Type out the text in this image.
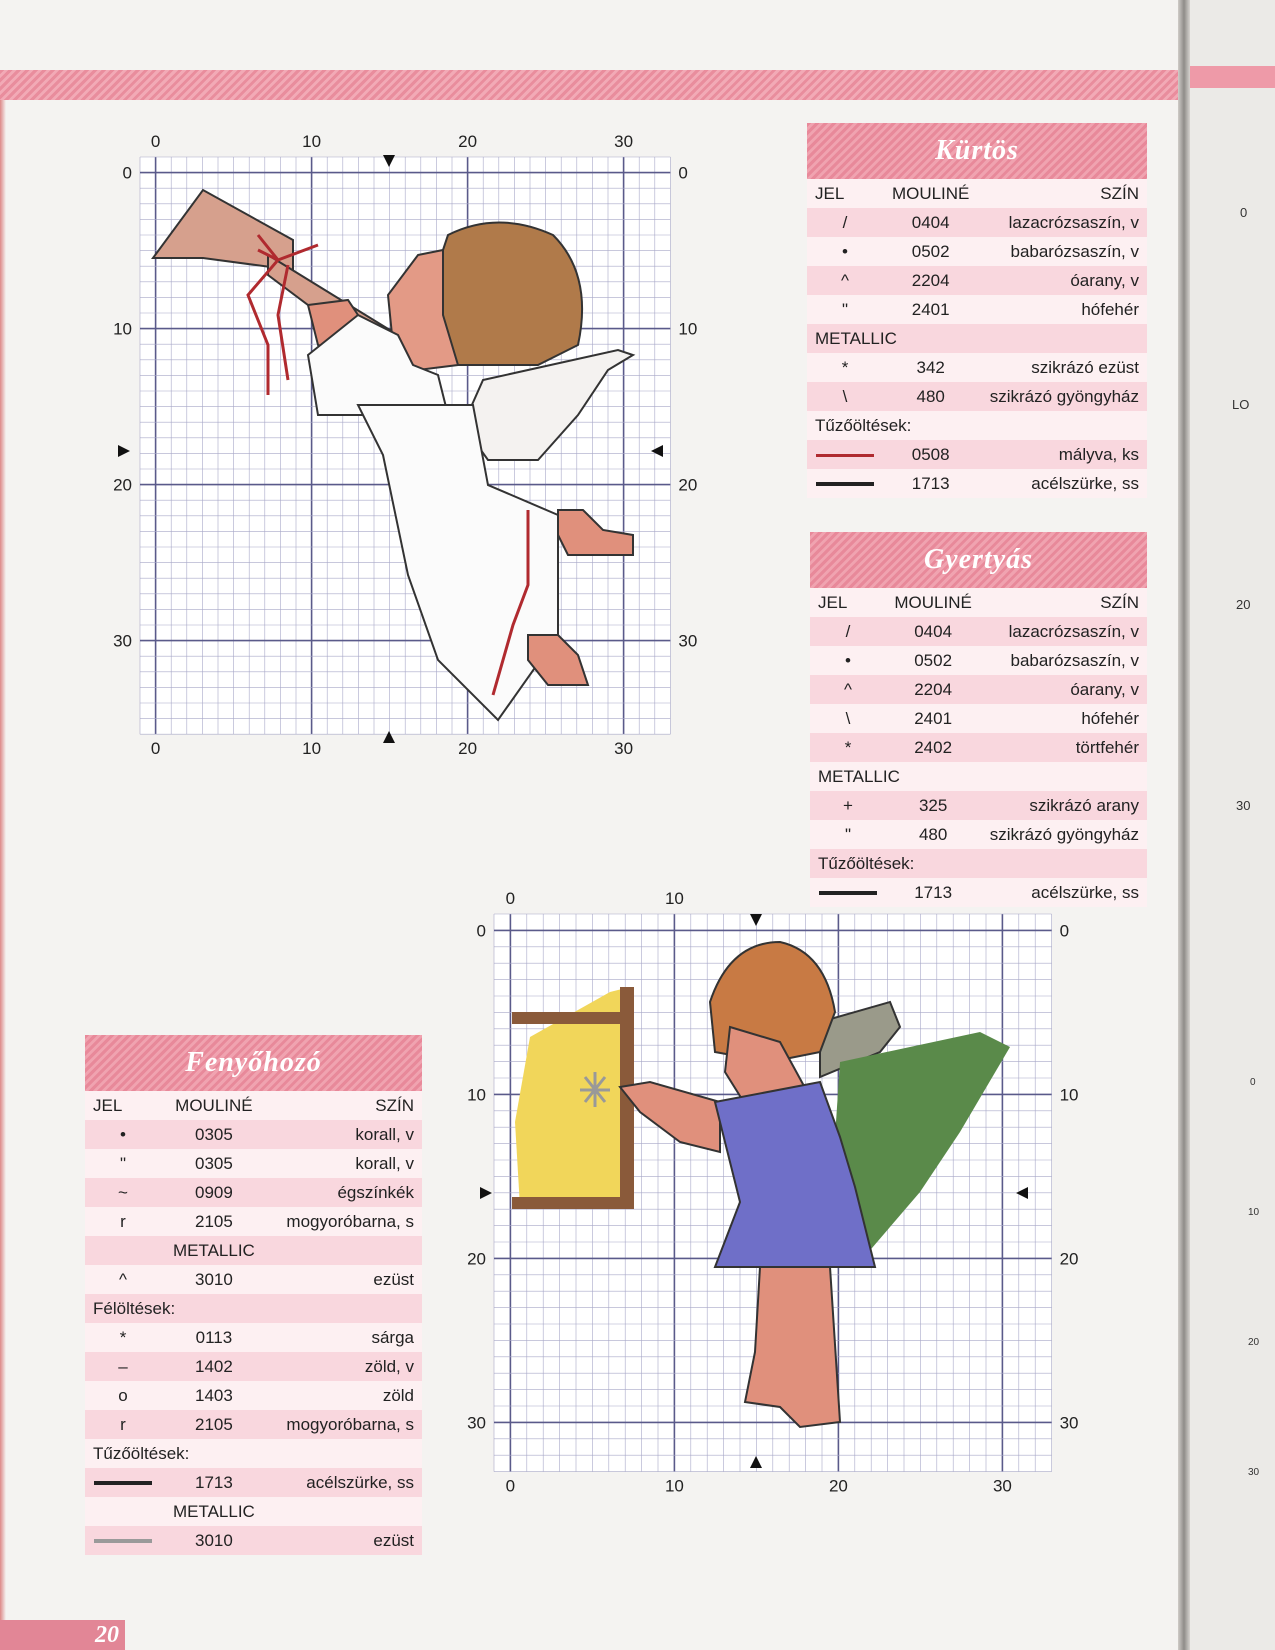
0
LO
20
30
0
10
20
30
0
0
0	0
10
10
10	10
20
20
20	20
30
30
30	30
0
0
0	0
10
10
10	10
20
20	20
30
30	30
Kürtös
JEL	MOULINÉ	SZÍN
/	0404	lazacrózsaszín, v
•	0502	babarózsaszín, v
^	2204	óarany, v
"	2401	hófehér
METALLIC		
*	342	szikrázó ezüst
\	480	szikrázó gyöngyház
Tűzőöltések:		
	0508	mályva, ks
	1713	acélszürke, ss
Gyertyás
JEL	MOULINÉ	SZÍN
/	0404	lazacrózsaszín, v
•	0502	babarózsaszín, v
^	2204	óarany, v
\	2401	hófehér
*	2402	törtfehér
METALLIC		
+	325	szikrázó arany
"	480	szikrázó gyöngyház
Tűzőöltések:		
	1713	acélszürke, ss
Fenyőhozó
JEL	MOULINÉ	SZÍN
•	0305	korall, v
"	0305	korall, v
~	0909	égszínkék
r	2105	mogyoróbarna, s
	METALLIC	
^	3010	ezüst
Félöltések:		
*	0113	sárga
–	1402	zöld, v
o	1403	zöld
r	2105	mogyoróbarna, s
Tűzőöltések:		
	1713	acélszürke, ss
	METALLIC	
	3010	ezüst
20
